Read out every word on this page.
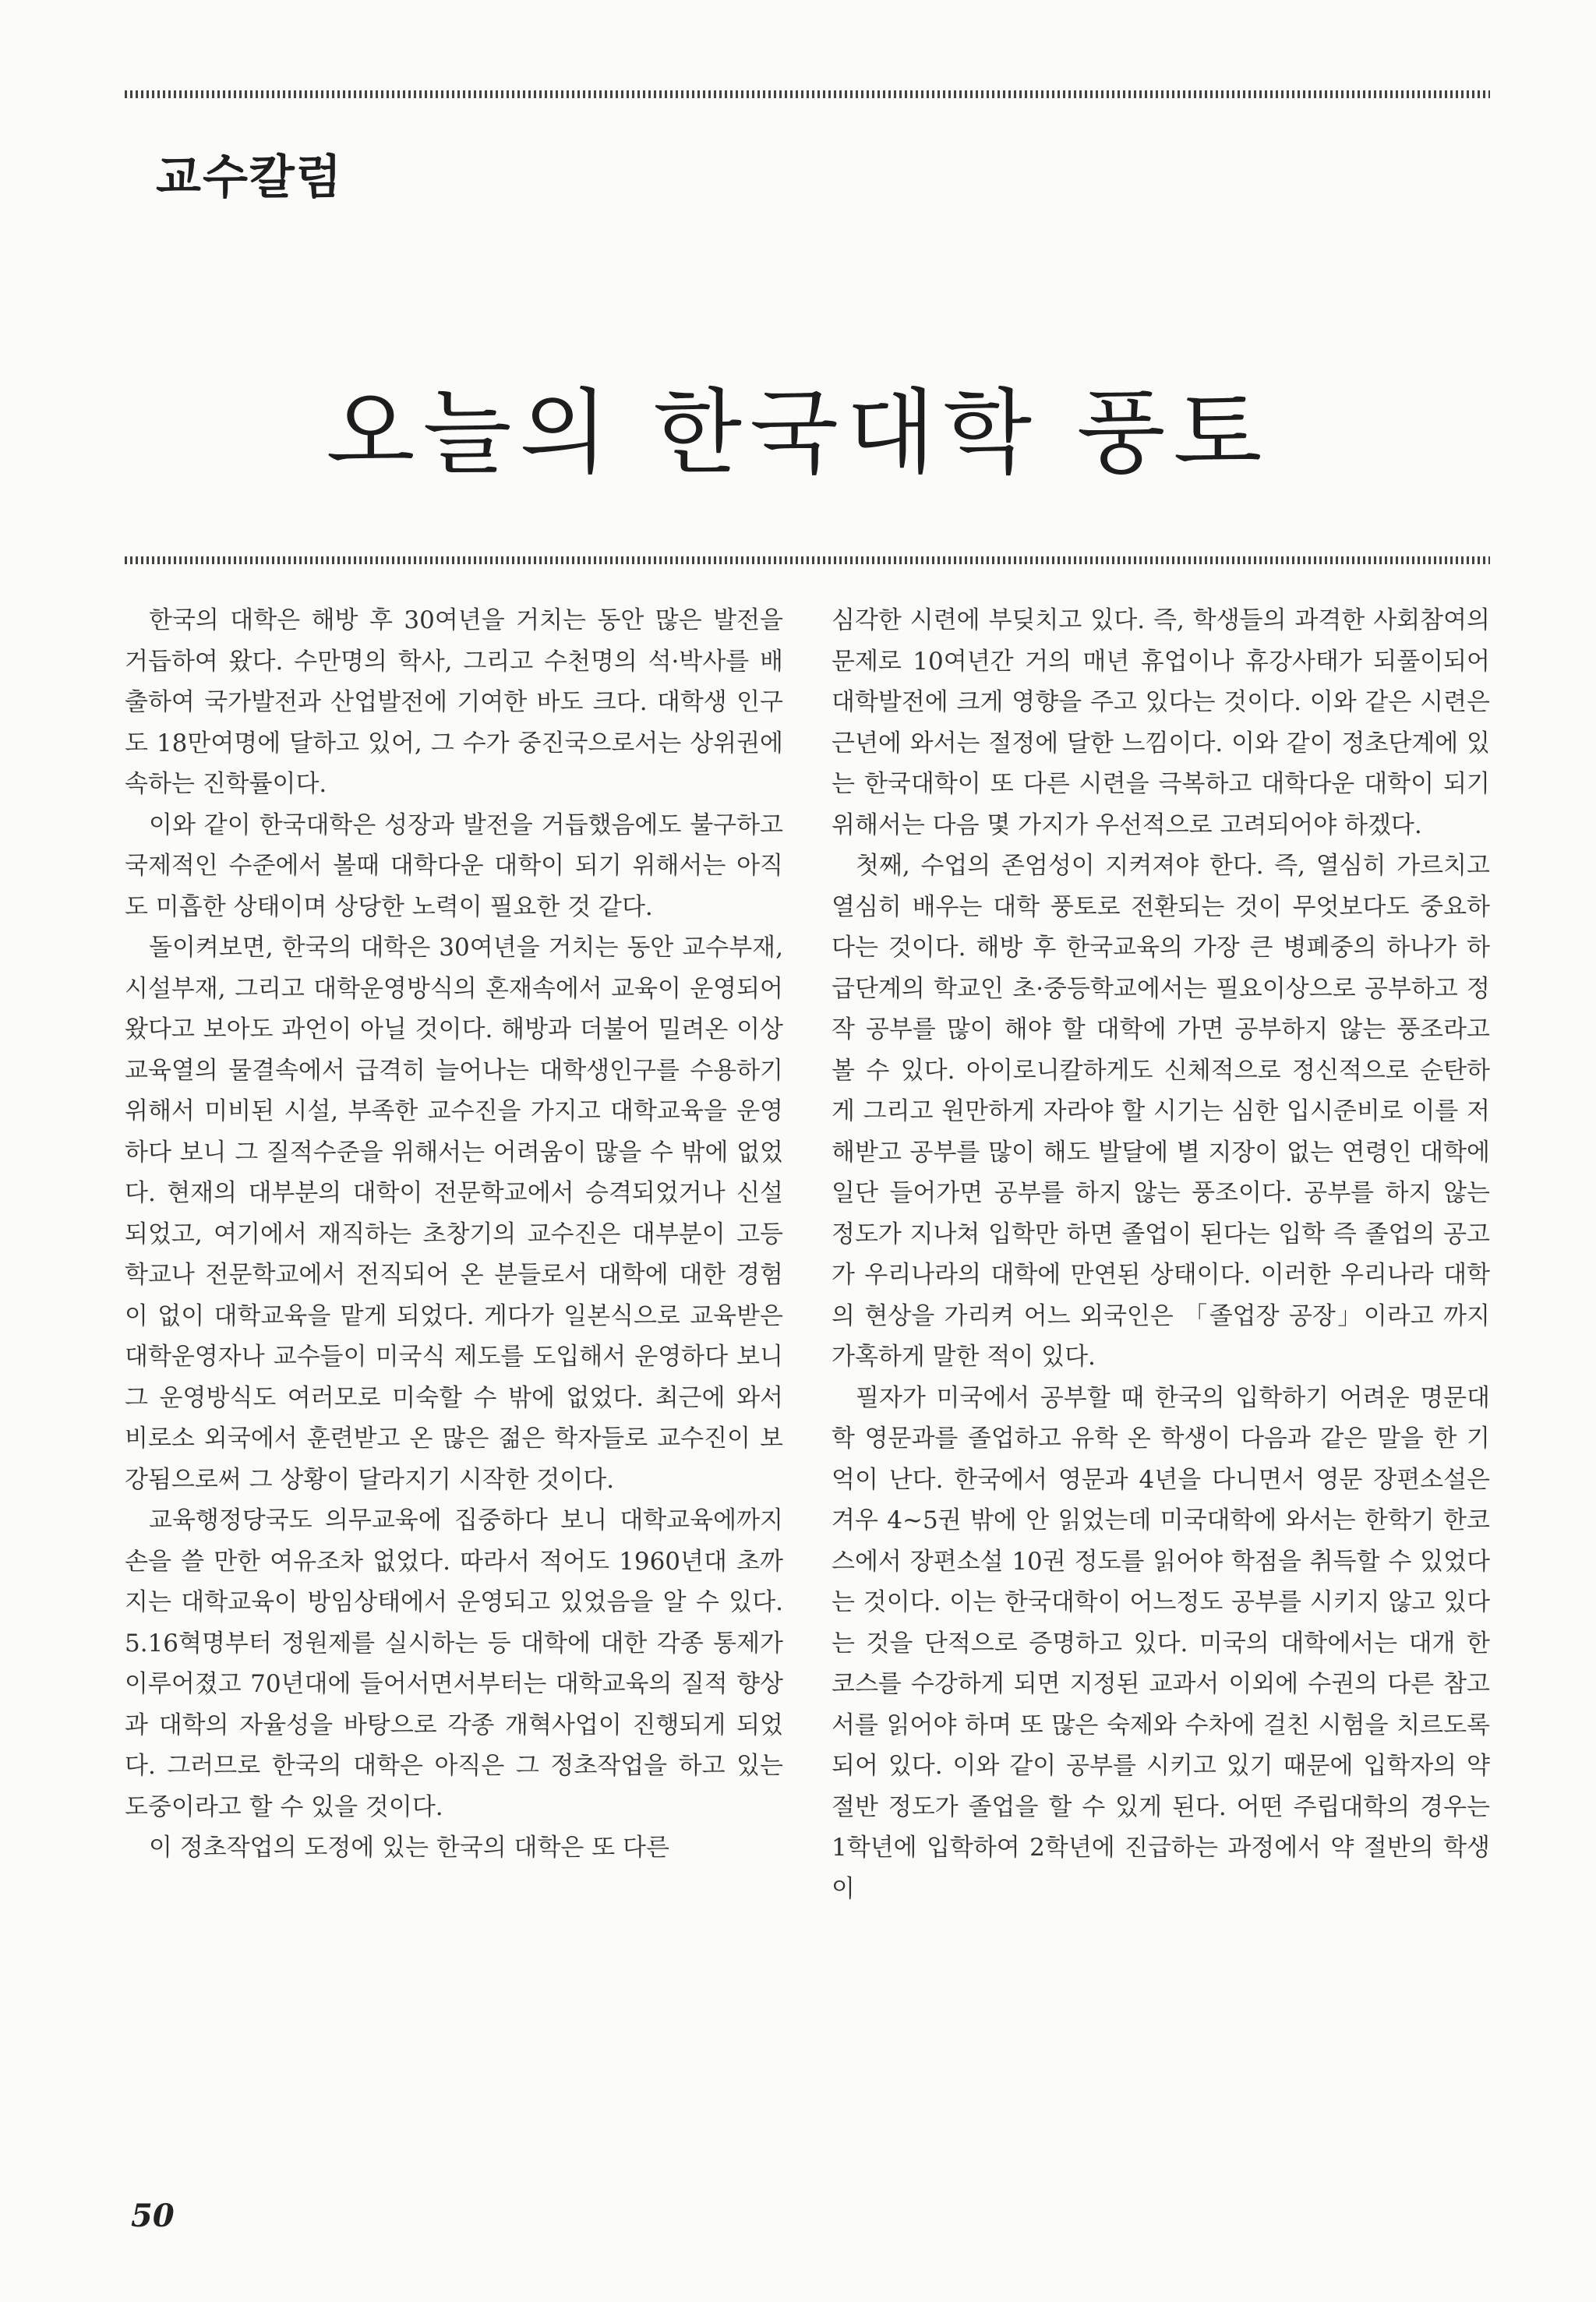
교수칼럼
오늘의 한국대학 풍토

한국의 대학은 해방 후 30여년을 거치는 동안 많은 발전을 거듭하여 왔다. 수만명의 학사, 그리고 수천명의 석·박사를 배출하여 국가발전과 산업발전에 기여한 바도 크다. 대학생 인구도 18만여명에 달하고 있어, 그 수가 중진국으로서는 상위권에 속하는 진학률이다.

이와 같이 한국대학은 성장과 발전을 거듭했음에도 불구하고 국제적인 수준에서 볼때 대학다운 대학이 되기 위해서는 아직도 미흡한 상태이며 상당한 노력이 필요한 것 같다.

돌이켜보면, 한국의 대학은 30여년을 거치는 동안 교수부재, 시설부재, 그리고 대학운영방식의 혼재속에서 교육이 운영되어 왔다고 보아도 과언이 아닐 것이다. 해방과 더불어 밀려온 이상교육열의 물결속에서 급격히 늘어나는 대학생인구를 수용하기 위해서 미비된 시설, 부족한 교수진을 가지고 대학교육을 운영하다 보니 그 질적수준을 위해서는 어려움이 많을 수 밖에 없었다. 현재의 대부분의 대학이 전문학교에서 승격되었거나 신설되었고, 여기에서 재직하는 초창기의 교수진은 대부분이 고등학교나 전문학교에서 전직되어 온 분들로서 대학에 대한 경험이 없이 대학교육을 맡게 되었다. 게다가 일본식으로 교육받은 대학운영자나 교수들이 미국식 제도를 도입해서 운영하다 보니 그 운영방식도 여러모로 미숙할 수 밖에 없었다. 최근에 와서 비로소 외국에서 훈련받고 온 많은 젊은 학자들로 교수진이 보강됨으로써 그 상황이 달라지기 시작한 것이다.

교육행정당국도 의무교육에 집중하다 보니 대학교육에까지 손을 쓸 만한 여유조차 없었다. 따라서 적어도 1960년대 초까지는 대학교육이 방임상태에서 운영되고 있었음을 알 수 있다. 5.16혁명부터 정원제를 실시하는 등 대학에 대한 각종 통제가 이루어졌고 70년대에 들어서면서부터는 대학교육의 질적 향상과 대학의 자율성을 바탕으로 각종 개혁사업이 진행되게 되었다. 그러므로 한국의 대학은 아직은 그 정초작업을 하고 있는 도중이라고 할 수 있을 것이다.

이 정초작업의 도정에 있는 한국의 대학은 또 다른

심각한 시련에 부딪치고 있다. 즉, 학생들의 과격한 사회참여의 문제로 10여년간 거의 매년 휴업이나 휴강사태가 되풀이되어 대학발전에 크게 영향을 주고 있다는 것이다. 이와 같은 시련은 근년에 와서는 절정에 달한 느낌이다. 이와 같이 정초단계에 있는 한국대학이 또 다른 시련을 극복하고 대학다운 대학이 되기 위해서는 다음 몇 가지가 우선적으로 고려되어야 하겠다.

첫째, 수업의 존엄성이 지켜져야 한다. 즉, 열심히 가르치고 열심히 배우는 대학 풍토로 전환되는 것이 무엇보다도 중요하다는 것이다. 해방 후 한국교육의 가장 큰 병폐중의 하나가 하급단계의 학교인 초·중등학교에서는 필요이상으로 공부하고 정작 공부를 많이 해야 할 대학에 가면 공부하지 않는 풍조라고 볼 수 있다. 아이로니칼하게도 신체적으로 정신적으로 순탄하게 그리고 원만하게 자라야 할 시기는 심한 입시준비로 이를 저해받고 공부를 많이 해도 발달에 별 지장이 없는 연령인 대학에 일단 들어가면 공부를 하지 않는 풍조이다. 공부를 하지 않는 정도가 지나쳐 입학만 하면 졸업이 된다는 입학 즉 졸업의 공고가 우리나라의 대학에 만연된 상태이다. 이러한 우리나라 대학의 현상을 가리켜 어느 외국인은 「졸업장 공장」이라고 까지 가혹하게 말한 적이 있다.

필자가 미국에서 공부할 때 한국의 입학하기 어려운 명문대학 영문과를 졸업하고 유학 온 학생이 다음과 같은 말을 한 기억이 난다. 한국에서 영문과 4년을 다니면서 영문 장편소설은 겨우 4~5권 밖에 안 읽었는데 미국대학에 와서는 한학기 한코스에서 장편소설 10권 정도를 읽어야 학점을 취득할 수 있었다는 것이다. 이는 한국대학이 어느정도 공부를 시키지 않고 있다는 것을 단적으로 증명하고 있다. 미국의 대학에서는 대개 한 코스를 수강하게 되면 지정된 교과서 이외에 수권의 다른 참고서를 읽어야 하며 또 많은 숙제와 수차에 걸친 시험을 치르도록 되어 있다. 이와 같이 공부를 시키고 있기 때문에 입학자의 약 절반 정도가 졸업을 할 수 있게 된다. 어떤 주립대학의 경우는 1학년에 입학하여 2학년에 진급하는 과정에서 약 절반의 학생이

50
